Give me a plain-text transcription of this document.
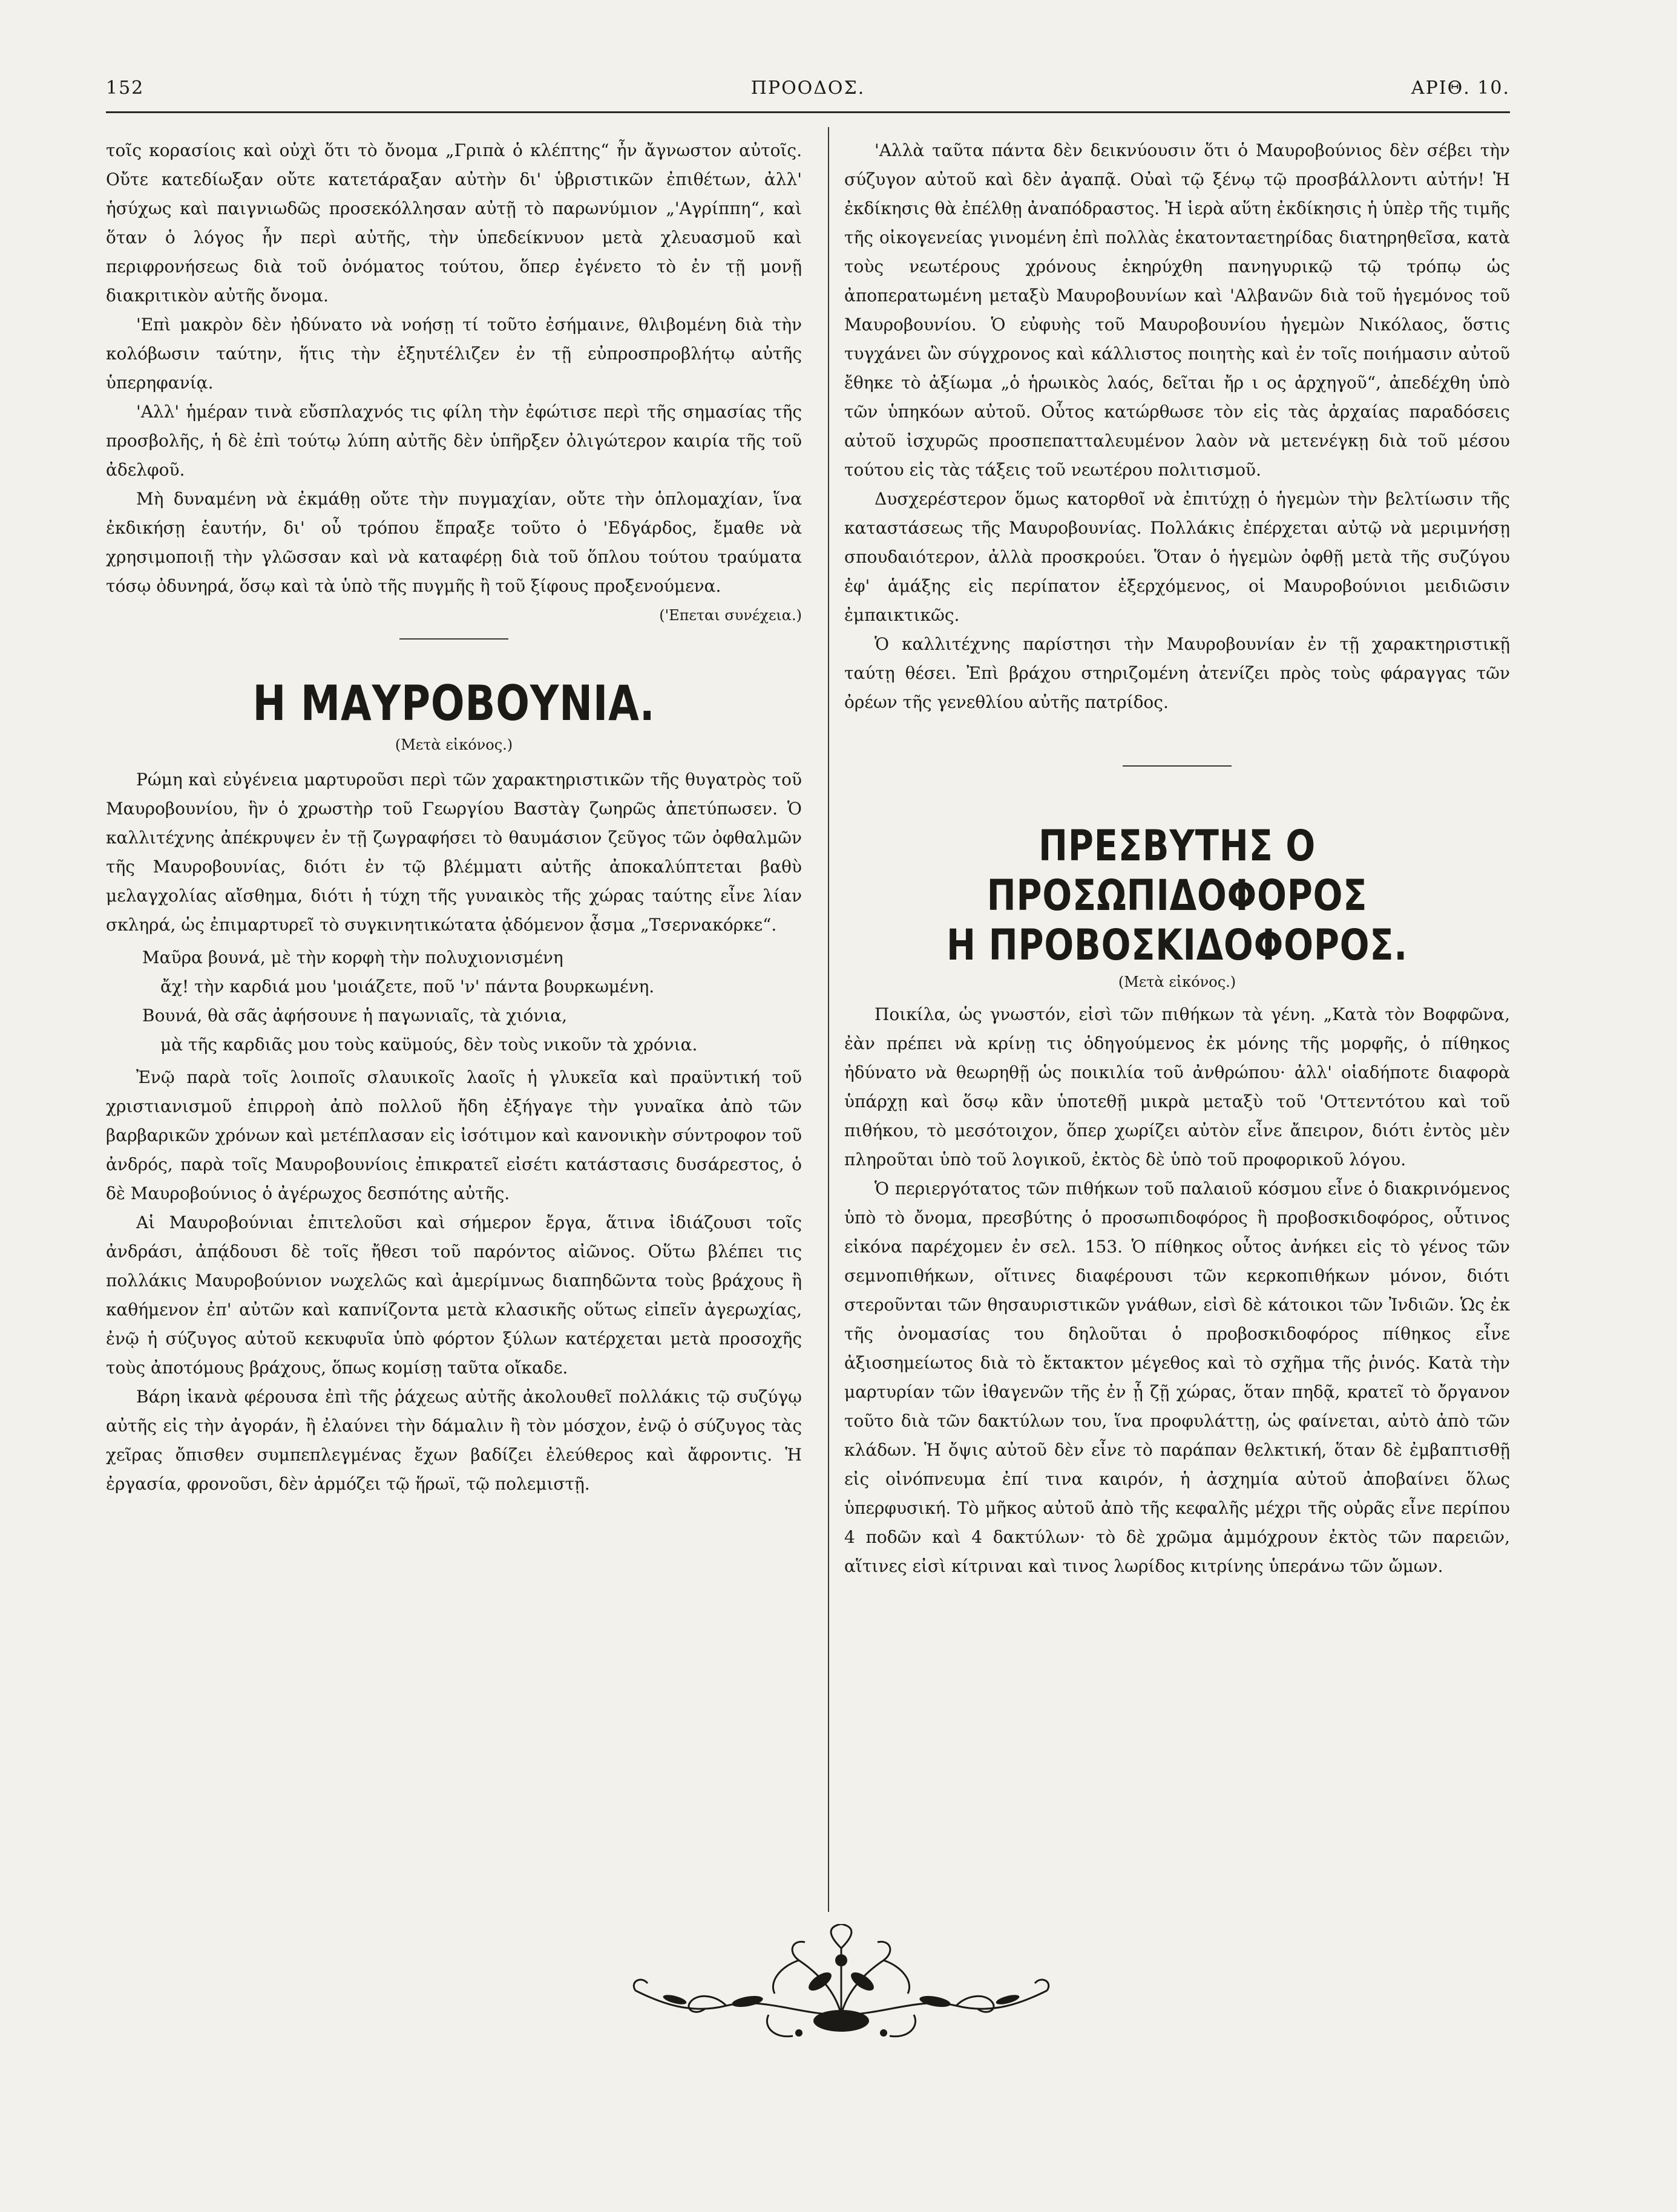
152	ΠΡΟΟΔΟΣ.	ΑΡΙΘ. 10.

τοῖς κορασίοις καὶ οὐχὶ ὅτι τὸ ὄνομα „Γριπὰ ὁ κλέπτης“ ἦν ἄγνωστον αὐτοῖς. Οὔτε κατεδίωξαν οὔτε κατετάραξαν αὐτὴν δι' ὑβριστικῶν ἐπιθέτων, ἀλλ' ἡσύχως καὶ παιγνιωδῶς προσεκόλλησαν αὐτῇ τὸ παρωνύμιον „'Αγρίππη“, καὶ ὅταν ὁ λόγος ἦν περὶ αὐτῆς, τὴν ὑπεδείκνυον μετὰ χλευασμοῦ καὶ περιφρονήσεως διὰ τοῦ ὀνόματος τούτου, ὅπερ ἐγένετο τὸ ἐν τῇ μονῇ διακριτικὸν αὐτῆς ὄνομα.

'Επὶ μακρὸν δὲν ἠδύνατο νὰ νοήσῃ τί τοῦτο ἐσήμαινε, θλιβομένη διὰ τὴν κολόβωσιν ταύτην, ἥτις τὴν ἐξηυτέλιζεν ἐν τῇ εὐπροσπροβλήτῳ αὐτῆς ὑπερηφανίᾳ.

'Αλλ' ἡμέραν τινὰ εὔσπλαχνός τις φίλη τὴν ἐφώτισε περὶ τῆς σημασίας τῆς προσβολῆς, ἡ δὲ ἐπὶ τούτῳ λύπη αὐτῆς δὲν ὑπῆρξεν ὀλιγώτερον καιρία τῆς τοῦ ἀδελφοῦ.

Μὴ δυναμένη νὰ ἐκμάθῃ οὔτε τὴν πυγμαχίαν, οὔτε τὴν ὁπλομαχίαν, ἵνα ἐκδικήσῃ ἑαυτήν, δι' οὗ τρόπου ἔπραξε τοῦτο ὁ 'Εδγάρδος, ἔμαθε νὰ χρησιμοποιῇ τὴν γλῶσσαν καὶ νὰ καταφέρῃ διὰ τοῦ ὅπλου τούτου τραύματα τόσῳ ὀδυνηρά, ὅσῳ καὶ τὰ ὑπὸ τῆς πυγμῆς ἢ τοῦ ξίφους προξενούμενα.
('Επεται συνέχεια.)

Η ΜΑΥΡΟΒΟΥΝΙΑ.

(Μετὰ εἰκόνος.)

Ρώμη καὶ εὐγένεια μαρτυροῦσι περὶ τῶν χαρακτηριστικῶν τῆς θυγατρὸς τοῦ Μαυροβουνίου, ἣν ὁ χρωστὴρ τοῦ Γεωργίου Βαστὰγ ζωηρῶς ἀπετύπωσεν. Ὁ καλλιτέχνης ἀπέκρυψεν ἐν τῇ ζωγραφήσει τὸ θαυμάσιον ζεῦγος τῶν ὀφθαλμῶν τῆς Μαυροβουνίας, διότι ἐν τῷ βλέμματι αὐτῆς ἀποκαλύπτεται βαθὺ μελαγχολίας αἴσθημα, διότι ἡ τύχη τῆς γυναικὸς τῆς χώρας ταύτης εἶνε λίαν σκληρά, ὡς ἐπιμαρτυρεῖ τὸ συγκινητικώτατα ᾀδόμενον ᾆσμα „Τσερνακόρκε“.

Μαῦρα βουνά, μὲ τὴν κορφὴ τὴν πολυχιονισμένη
ἄχ! τὴν καρδιά μου 'μοιάζετε, ποῦ 'ν' πάντα βουρκωμένη.
Βουνά, θὰ σᾶς ἀφήσουνε ἡ παγωνιαῖς, τὰ χιόνια,
μὰ τῆς καρδιᾶς μου τοὺς καϋμούς, δὲν τοὺς νικοῦν τὰ χρόνια.

Ἐνῷ παρὰ τοῖς λοιποῖς σλαυικοῖς λαοῖς ἡ γλυκεῖα καὶ πραϋντική τοῦ χριστιανισμοῦ ἐπιρροὴ ἀπὸ πολλοῦ ἤδη ἐξήγαγε τὴν γυναῖκα ἀπὸ τῶν βαρβαρικῶν χρόνων καὶ μετέπλασαν εἰς ἰσότιμον καὶ κανονικὴν σύντροφον τοῦ ἀνδρός, παρὰ τοῖς Μαυροβουνίοις ἐπικρατεῖ εἰσέτι κατάστασις δυσάρεστος, ὁ δὲ Μαυροβούνιος ὁ ἀγέρωχος δεσπότης αὐτῆς.

Αἱ Μαυροβούνιαι ἐπιτελοῦσι καὶ σήμερον ἔργα, ἅτινα ἰδιάζουσι τοῖς ἀνδράσι, ἀπᾴδουσι δὲ τοῖς ἤθεσι τοῦ παρόντος αἰῶνος. Οὕτω βλέπει τις πολλάκις Μαυροβούνιον νωχελῶς καὶ ἀμερίμνως διαπηδῶντα τοὺς βράχους ἢ καθήμενον ἐπ' αὐτῶν καὶ καπνίζοντα μετὰ κλασικῆς οὕτως εἰπεῖν ἀγερωχίας, ἐνῷ ἡ σύζυγος αὐτοῦ κεκυφυῖα ὑπὸ φόρτον ξύλων κατέρχεται μετὰ προσοχῆς τοὺς ἀποτόμους βράχους, ὅπως κομίσῃ ταῦτα οἴκαδε.

Βάρη ἱκανὰ φέρουσα ἐπὶ τῆς ῥάχεως αὐτῆς ἀκολουθεῖ πολλάκις τῷ συζύγῳ αὐτῆς εἰς τὴν ἀγοράν, ἢ ἐλαύνει τὴν δάμαλιν ἢ τὸν μόσχον, ἐνῷ ὁ σύζυγος τὰς χεῖρας ὄπισθεν συμπεπλεγμένας ἔχων βαδίζει ἐλεύθερος καὶ ἄφροντις. Ἡ ἐργασία, φρονοῦσι, δὲν ἁρμόζει τῷ ἥρωϊ, τῷ πολεμιστῇ.

'Αλλὰ ταῦτα πάντα δὲν δεικνύουσιν ὅτι ὁ Μαυροβούνιος δὲν σέβει τὴν σύζυγον αὐτοῦ καὶ δὲν ἀγαπᾷ. Οὐαὶ τῷ ξένῳ τῷ προσβάλλοντι αὐτήν! Ἡ ἐκδίκησις θὰ ἐπέλθῃ ἀναπόδραστος. Ἡ ἱερὰ αὕτη ἐκδίκησις ἡ ὑπὲρ τῆς τιμῆς τῆς οἰκογενείας γινομένη ἐπὶ πολλὰς ἑκατονταετηρίδας διατηρηθεῖσα, κατὰ τοὺς νεωτέρους χρόνους ἐκηρύχθη πανηγυρικῷ τῷ τρόπῳ ὡς ἀποπερατωμένη μεταξὺ Μαυροβουνίων καὶ 'Αλβανῶν διὰ τοῦ ἡγεμόνος τοῦ Μαυροβουνίου. Ὁ εὐφυὴς τοῦ Μαυροβουνίου ἡγεμὼν Νικόλαος, ὅστις τυγχάνει ὢν σύγχρονος καὶ κάλλιστος ποιητὴς καὶ ἐν τοῖς ποιήμασιν αὐτοῦ ἔθηκε τὸ ἀξίωμα „ὁ ἡρωικὸς λαός, δεῖται ἤρ ι ος ἀρχηγοῦ“, ἀπεδέχθη ὑπὸ τῶν ὑπηκόων αὐτοῦ. Οὗτος κατώρθωσε τὸν εἰς τὰς ἀρχαίας παραδόσεις αὐτοῦ ἰσχυρῶς προσπεπατταλευμένον λαὸν νὰ μετενέγκῃ διὰ τοῦ μέσου τούτου εἰς τὰς τάξεις τοῦ νεωτέρου πολιτισμοῦ.

Δυσχερέστερον ὅμως κατορθοῖ νὰ ἐπιτύχῃ ὁ ἡγεμὼν τὴν βελτίωσιν τῆς καταστάσεως τῆς Μαυροβουνίας. Πολλάκις ἐπέρχεται αὐτῷ νὰ μεριμνήσῃ σπουδαιότερον, ἀλλὰ προσκρούει. Ὅταν ὁ ἡγεμὼν ὀφθῇ μετὰ τῆς συζύγου ἐφ' ἁμάξης εἰς περίπατον ἐξερχόμενος, οἱ Μαυροβούνιοι μειδιῶσιν ἐμπαικτικῶς.

Ὁ καλλιτέχνης παρίστησι τὴν Μαυροβουνίαν ἐν τῇ χαρακτηριστικῇ ταύτῃ θέσει. Ἐπὶ βράχου στηριζομένη ἀτενίζει πρὸς τοὺς φάραγγας τῶν ὀρέων τῆς γενεθλίου αὐτῆς πατρίδος.

ΠΡΕΣΒΥΤΗΣ Ο ΠΡΟΣΩΠΙΔΟΦΟΡΟΣ
Η ΠΡΟΒΟΣΚΙΔΟΦΟΡΟΣ.

(Μετὰ εἰκόνος.)

Ποικίλα, ὡς γνωστόν, εἰσὶ τῶν πιθήκων τὰ γένη. „Κατὰ τὸν Βοφφῶνα, ἐὰν πρέπει νὰ κρίνῃ τις ὁδηγούμενος ἐκ μόνης τῆς μορφῆς, ὁ πίθηκος ἠδύνατο νὰ θεωρηθῇ ὡς ποικιλία τοῦ ἀνθρώπου· ἀλλ' οἱαδήποτε διαφορὰ ὑπάρχῃ καὶ ὅσῳ κἂν ὑποτεθῇ μικρὰ μεταξὺ τοῦ 'Οττεντότου καὶ τοῦ πιθήκου, τὸ μεσότοιχον, ὅπερ χωρίζει αὐτὸν εἶνε ἄπειρον, διότι ἐντὸς μὲν πληροῦται ὑπὸ τοῦ λογικοῦ, ἐκτὸς δὲ ὑπὸ τοῦ προφορικοῦ λόγου.

Ὁ περιεργότατος τῶν πιθήκων τοῦ παλαιοῦ κόσμου εἶνε ὁ διακρινόμενος ὑπὸ τὸ ὄνομα, πρεσβύτης ὁ προσωπιδοφόρος ἢ προβοσκιδοφόρος, οὗτινος εἰκόνα παρέχομεν ἐν σελ. 153. Ὁ πίθηκος οὗτος ἀνήκει εἰς τὸ γένος τῶν σεμνοπιθήκων, οἵτινες διαφέρουσι τῶν κερκοπιθήκων μόνον, διότι στεροῦνται τῶν θησαυριστικῶν γνάθων, εἰσὶ δὲ κάτοικοι τῶν Ἰνδιῶν. Ὡς ἐκ τῆς ὀνομασίας του δηλοῦται ὁ προβοσκιδοφόρος πίθηκος εἶνε ἀξιοσημείωτος διὰ τὸ ἔκτακτον μέγεθος καὶ τὸ σχῆμα τῆς ῥινός. Κατὰ τὴν μαρτυρίαν τῶν ἰθαγενῶν τῆς ἐν ᾗ ζῇ χώρας, ὅταν πηδᾷ, κρατεῖ τὸ ὄργανον τοῦτο διὰ τῶν δακτύλων του, ἵνα προφυλάττῃ, ὡς φαίνεται, αὐτὸ ἀπὸ τῶν κλάδων. Ἡ ὄψις αὐτοῦ δὲν εἶνε τὸ παράπαν θελκτική, ὅταν δὲ ἐμβαπτισθῇ εἰς οἰνόπνευμα ἐπί τινα καιρόν, ἡ ἀσχημία αὐτοῦ ἀποβαίνει ὅλως ὑπερφυσική. Τὸ μῆκος αὐτοῦ ἀπὸ τῆς κεφαλῆς μέχρι τῆς οὐρᾶς εἶνε περίπου 4 ποδῶν καὶ 4 δακτύλων· τὸ δὲ χρῶμα ἀμμόχρουν ἐκτὸς τῶν παρειῶν, αἵτινες εἰσὶ κίτριναι καὶ τινος λωρίδος κιτρίνης ὑπεράνω τῶν ὤμων.
